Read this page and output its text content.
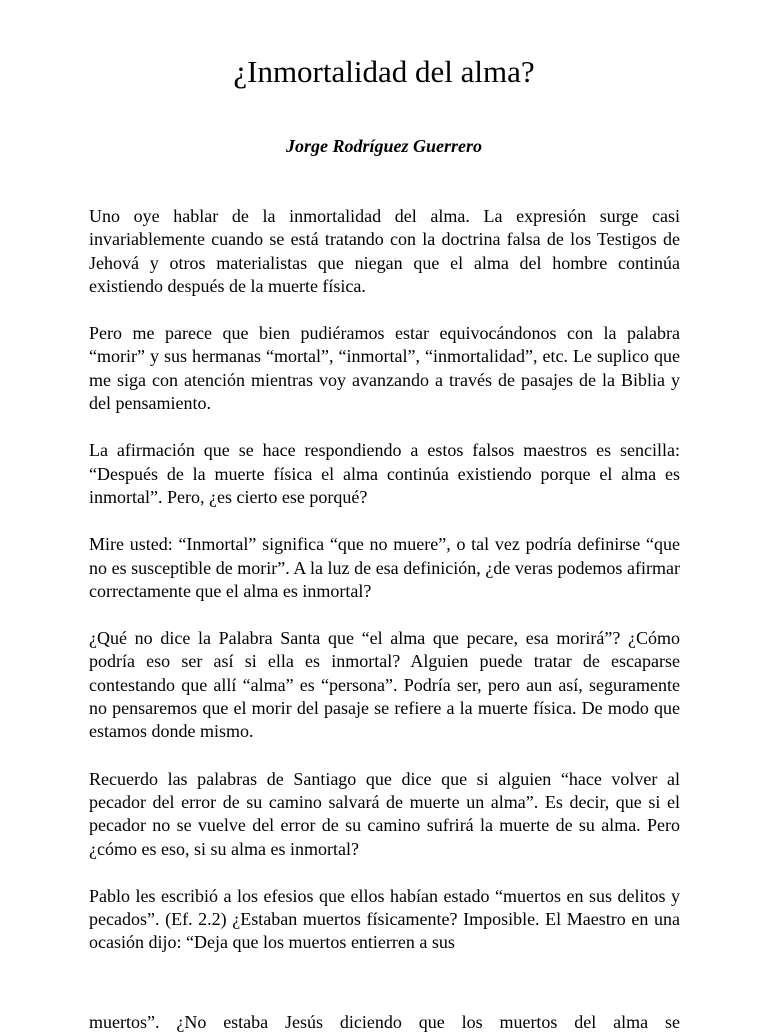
¿Inmortalidad del alma?

Jorge Rodríguez Guerrero

Uno oye hablar de la inmortalidad del alma. La expresión surge casi invariablemente cuando se está tratando con la doctrina falsa de los Testigos de Jehová y otros materialistas que niegan que el alma del hombre continúa existiendo después de la muerte física.

Pero me parece que bien pudiéramos estar equivocándonos con la palabra “morir” y sus hermanas “mortal”, “inmortal”, “inmortalidad”, etc. Le suplico que me siga con atención mientras voy avanzando a través de pasajes de la Biblia y del pensamiento.

La afirmación que se hace respondiendo a estos falsos maestros es sencilla: “Después de la muerte física el alma continúa existiendo porque el alma es inmortal”. Pero, ¿es cierto ese porqué?

Mire usted: “Inmortal” significa “que no muere”, o tal vez podría definirse “que no es susceptible de morir”. A la luz de esa definición, ¿de veras podemos afirmar correctamente que el alma es inmortal?

¿Qué no dice la Palabra Santa que “el alma que pecare, esa morirá”? ¿Cómo podría eso ser así si ella es inmortal? Alguien puede tratar de escaparse contestando que allí “alma” es “persona”. Podría ser, pero aun así, seguramente no pensaremos que el morir del pasaje se refiere a la muerte física. De modo que estamos donde mismo.

Recuerdo las palabras de Santiago que dice que si alguien “hace volver al pecador del error de su camino salvará de muerte un alma”. Es decir, que si el pecador no se vuelve del error de su camino sufrirá la muerte de su alma. Pero ¿cómo es eso, si su alma es inmortal?

Pablo les escribió a los efesios que ellos habían estado “muertos en sus delitos y pecados”. (Ef. 2.2) ¿Estaban muertos físicamente? Imposible. El Maestro en una ocasión dijo: “Deja que los muertos entierren a sus

muertos”. ¿No estaba Jesús diciendo que los muertos del alma se
